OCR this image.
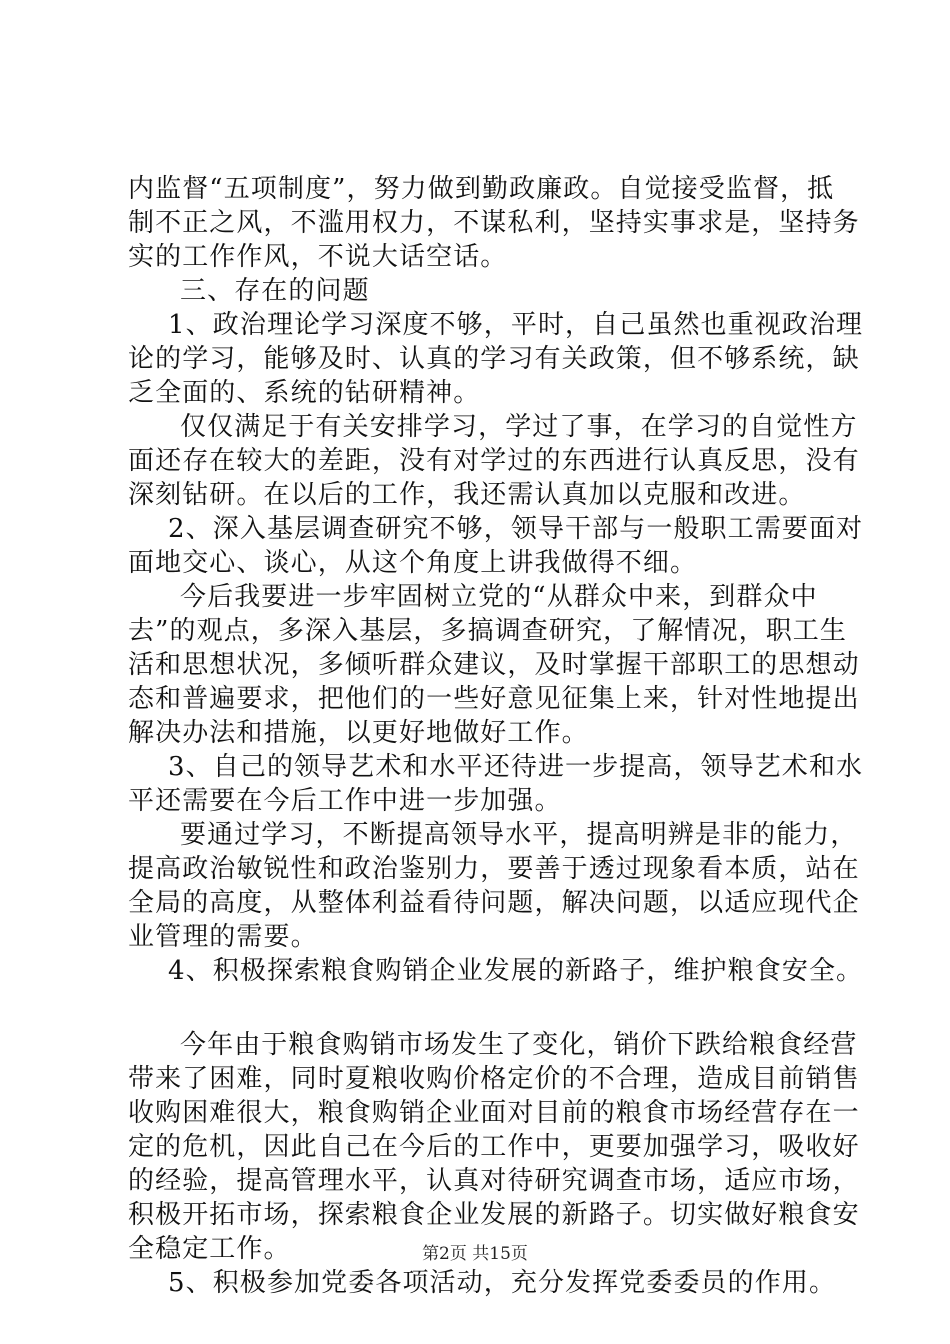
内监督“五项制度”，努力做到勤政廉政。自觉接受监督，抵
制不正之风，不滥用权力，不谋私利，坚持实事求是，坚持务
实的工作作风，不说大话空话。
三、存在的问题
1、政治理论学习深度不够，平时，自己虽然也重视政治理
论的学习，能够及时、认真的学习有关政策，但不够系统，缺
乏全面的、系统的钻研精神。
仅仅满足于有关安排学习，学过了事，在学习的自觉性方
面还存在较大的差距，没有对学过的东西进行认真反思，没有
深刻钻研。在以后的工作，我还需认真加以克服和改进。
2、深入基层调查研究不够，领导干部与一般职工需要面对
面地交心、谈心，从这个角度上讲我做得不细。
今后我要进一步牢固树立党的“从群众中来，到群众中
去”的观点，多深入基层，多搞调查研究，了解情况，职工生
活和思想状况，多倾听群众建议，及时掌握干部职工的思想动
态和普遍要求，把他们的一些好意见征集上来，针对性地提出
解决办法和措施，以更好地做好工作。
3、自己的领导艺术和水平还待进一步提高，领导艺术和水
平还需要在今后工作中进一步加强。
要通过学习，不断提高领导水平，提高明辨是非的能力，
提高政治敏锐性和政治鉴别力，要善于透过现象看本质，站在
全局的高度，从整体利益看待问题，解决问题，以适应现代企
业管理的需要。
4、积极探索粮食购销企业发展的新路子，维护粮食安全。
今年由于粮食购销市场发生了变化，销价下跌给粮食经营
带来了困难，同时夏粮收购价格定价的不合理，造成目前销售
收购困难很大，粮食购销企业面对目前的粮食市场经营存在一
定的危机，因此自己在今后的工作中，更要加强学习，吸收好
的经验，提高管理水平，认真对待研究调查市场，适应市场，
积极开拓市场，探索粮食企业发展的新路子。切实做好粮食安
全稳定工作。
5、积极参加党委各项活动，充分发挥党委委员的作用。
第2页 共15页
